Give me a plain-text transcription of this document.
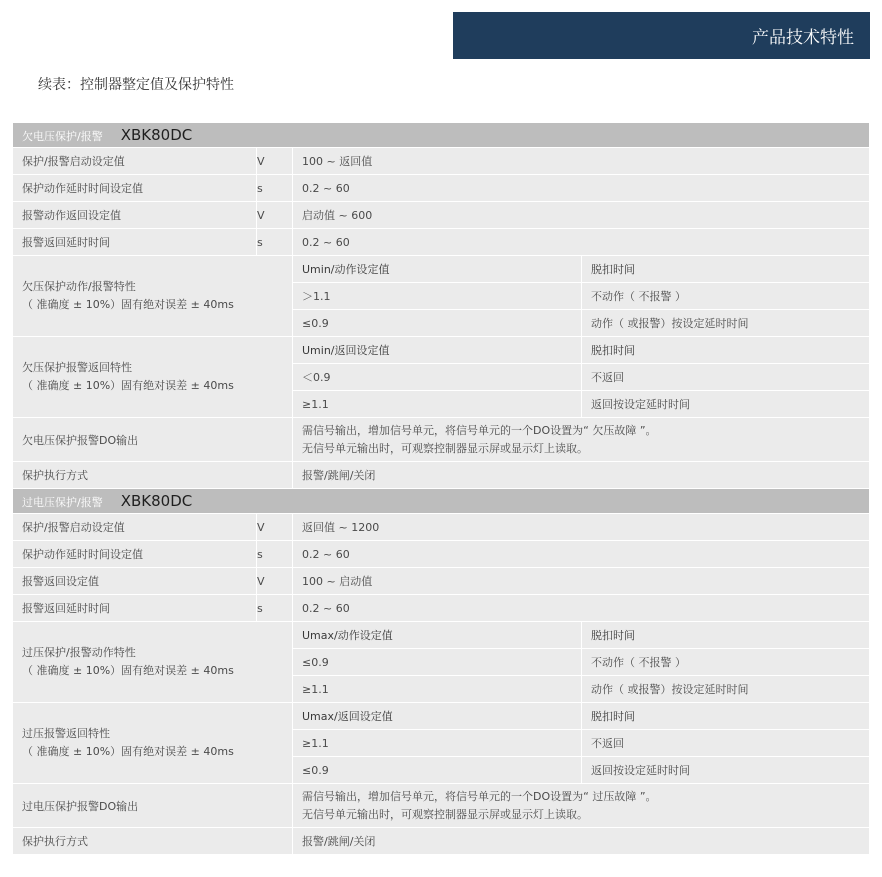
产品技术特性
续表：控制器整定值及保护特性
欠电压保护/报警 XBK80DC			
保护/报警启动设定值	V	100 ~ 返回值	
保护动作延时时间设定值	s	0.2 ~ 60	
报警动作返回设定值	V	启动值 ~ 600	
报警返回延时时间	s	0.2 ~ 60	

欠压保护动作/报警特性
（ 准确度 ± 10%）固有绝对误差 ± 40ms		Umin/动作设定值	脱扣时间
		＞1.1	不动作（ 不报警 ）
		≤0.9	动作（ 或报警）按设定延时时间

欠压保护报警返回特性
（ 准确度 ± 10%）固有绝对误差 ± 40ms		Umin/返回设定值	脱扣时间
		＜0.9	不返回
		≥1.1	返回按设定延时时间
欠电压保护报警DO输出		需信号输出，增加信号单元，将信号单元的一个DO设置为“ 欠压故障 ”。
无信号单元输出时，可观察控制器显示屏或显示灯上读取。	

保护执行方式		报警/跳闸/关闭	
过电压保护/报警 XBK80DC			
保护/报警启动设定值	V	返回值 ~ 1200	
保护动作延时时间设定值	s	0.2 ~ 60	
报警返回设定值	V	100 ~ 启动值	
报警返回延时时间	s	0.2 ~ 60	

过压保护/报警动作特性
（ 准确度 ± 10%）固有绝对误差 ± 40ms		Umax/动作设定值	脱扣时间
		≤0.9	不动作（ 不报警 ）
		≥1.1	动作（ 或报警）按设定延时时间

过压报警返回特性
（ 准确度 ± 10%）固有绝对误差 ± 40ms		Umax/返回设定值	脱扣时间
		≥1.1	不返回
		≤0.9	返回按设定延时时间
过电压保护报警DO输出		需信号输出，增加信号单元，将信号单元的一个DO设置为“ 过压故障 ”。
无信号单元输出时，可观察控制器显示屏或显示灯上读取。	

保护执行方式		报警/跳闸/关闭	
